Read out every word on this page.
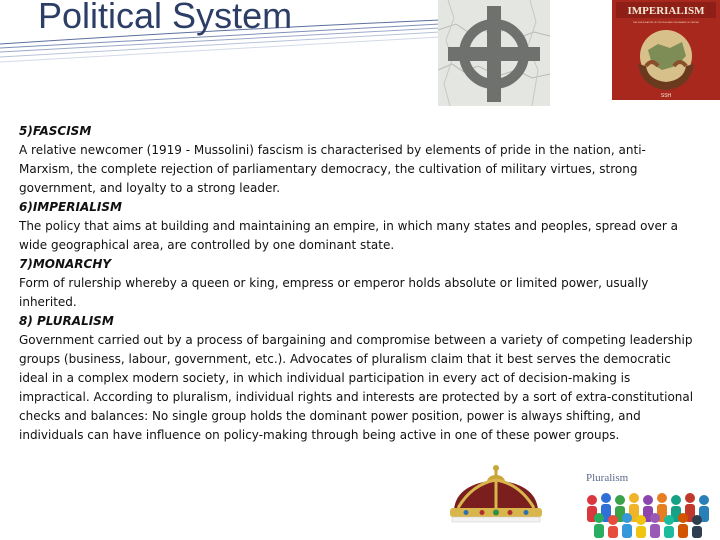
Political System	IMPERIALISM
THE SUBJUGATION OF PEOPLES AND THE MEANS OF CAPITAL
SSH

5)FASCISM

A relative newcomer (1919 - Mussolini) fascism is characterised by elements of pride in the nation, anti-Marxism, the complete rejection of parliamentary democracy, the cultivation of military virtues, strong government, and loyalty to a strong leader.

6)IMPERIALISM

The policy that aims at building and maintaining an empire, in which many states and peoples, spread over a wide geographical area, are controlled by one dominant state.

7)MONARCHY

Form of rulership whereby a queen or king, empress or emperor holds absolute or limited power, usually inherited.

8) PLURALISM

Government carried out by a process of bargaining and compromise between a variety of competing leadership groups (business, labour, government, etc.). Advocates of pluralism claim that it best serves the democratic ideal in a complex modern society, in which individual participation in every act of decision-making is impractical. According to pluralism, individual rights and interests are protected by a sort of extra-constitutional checks and balances: No single group holds the dominant power position, power is always shifting, and individuals can have influence on policy-making through being active in one of these power groups.

Pluralism
